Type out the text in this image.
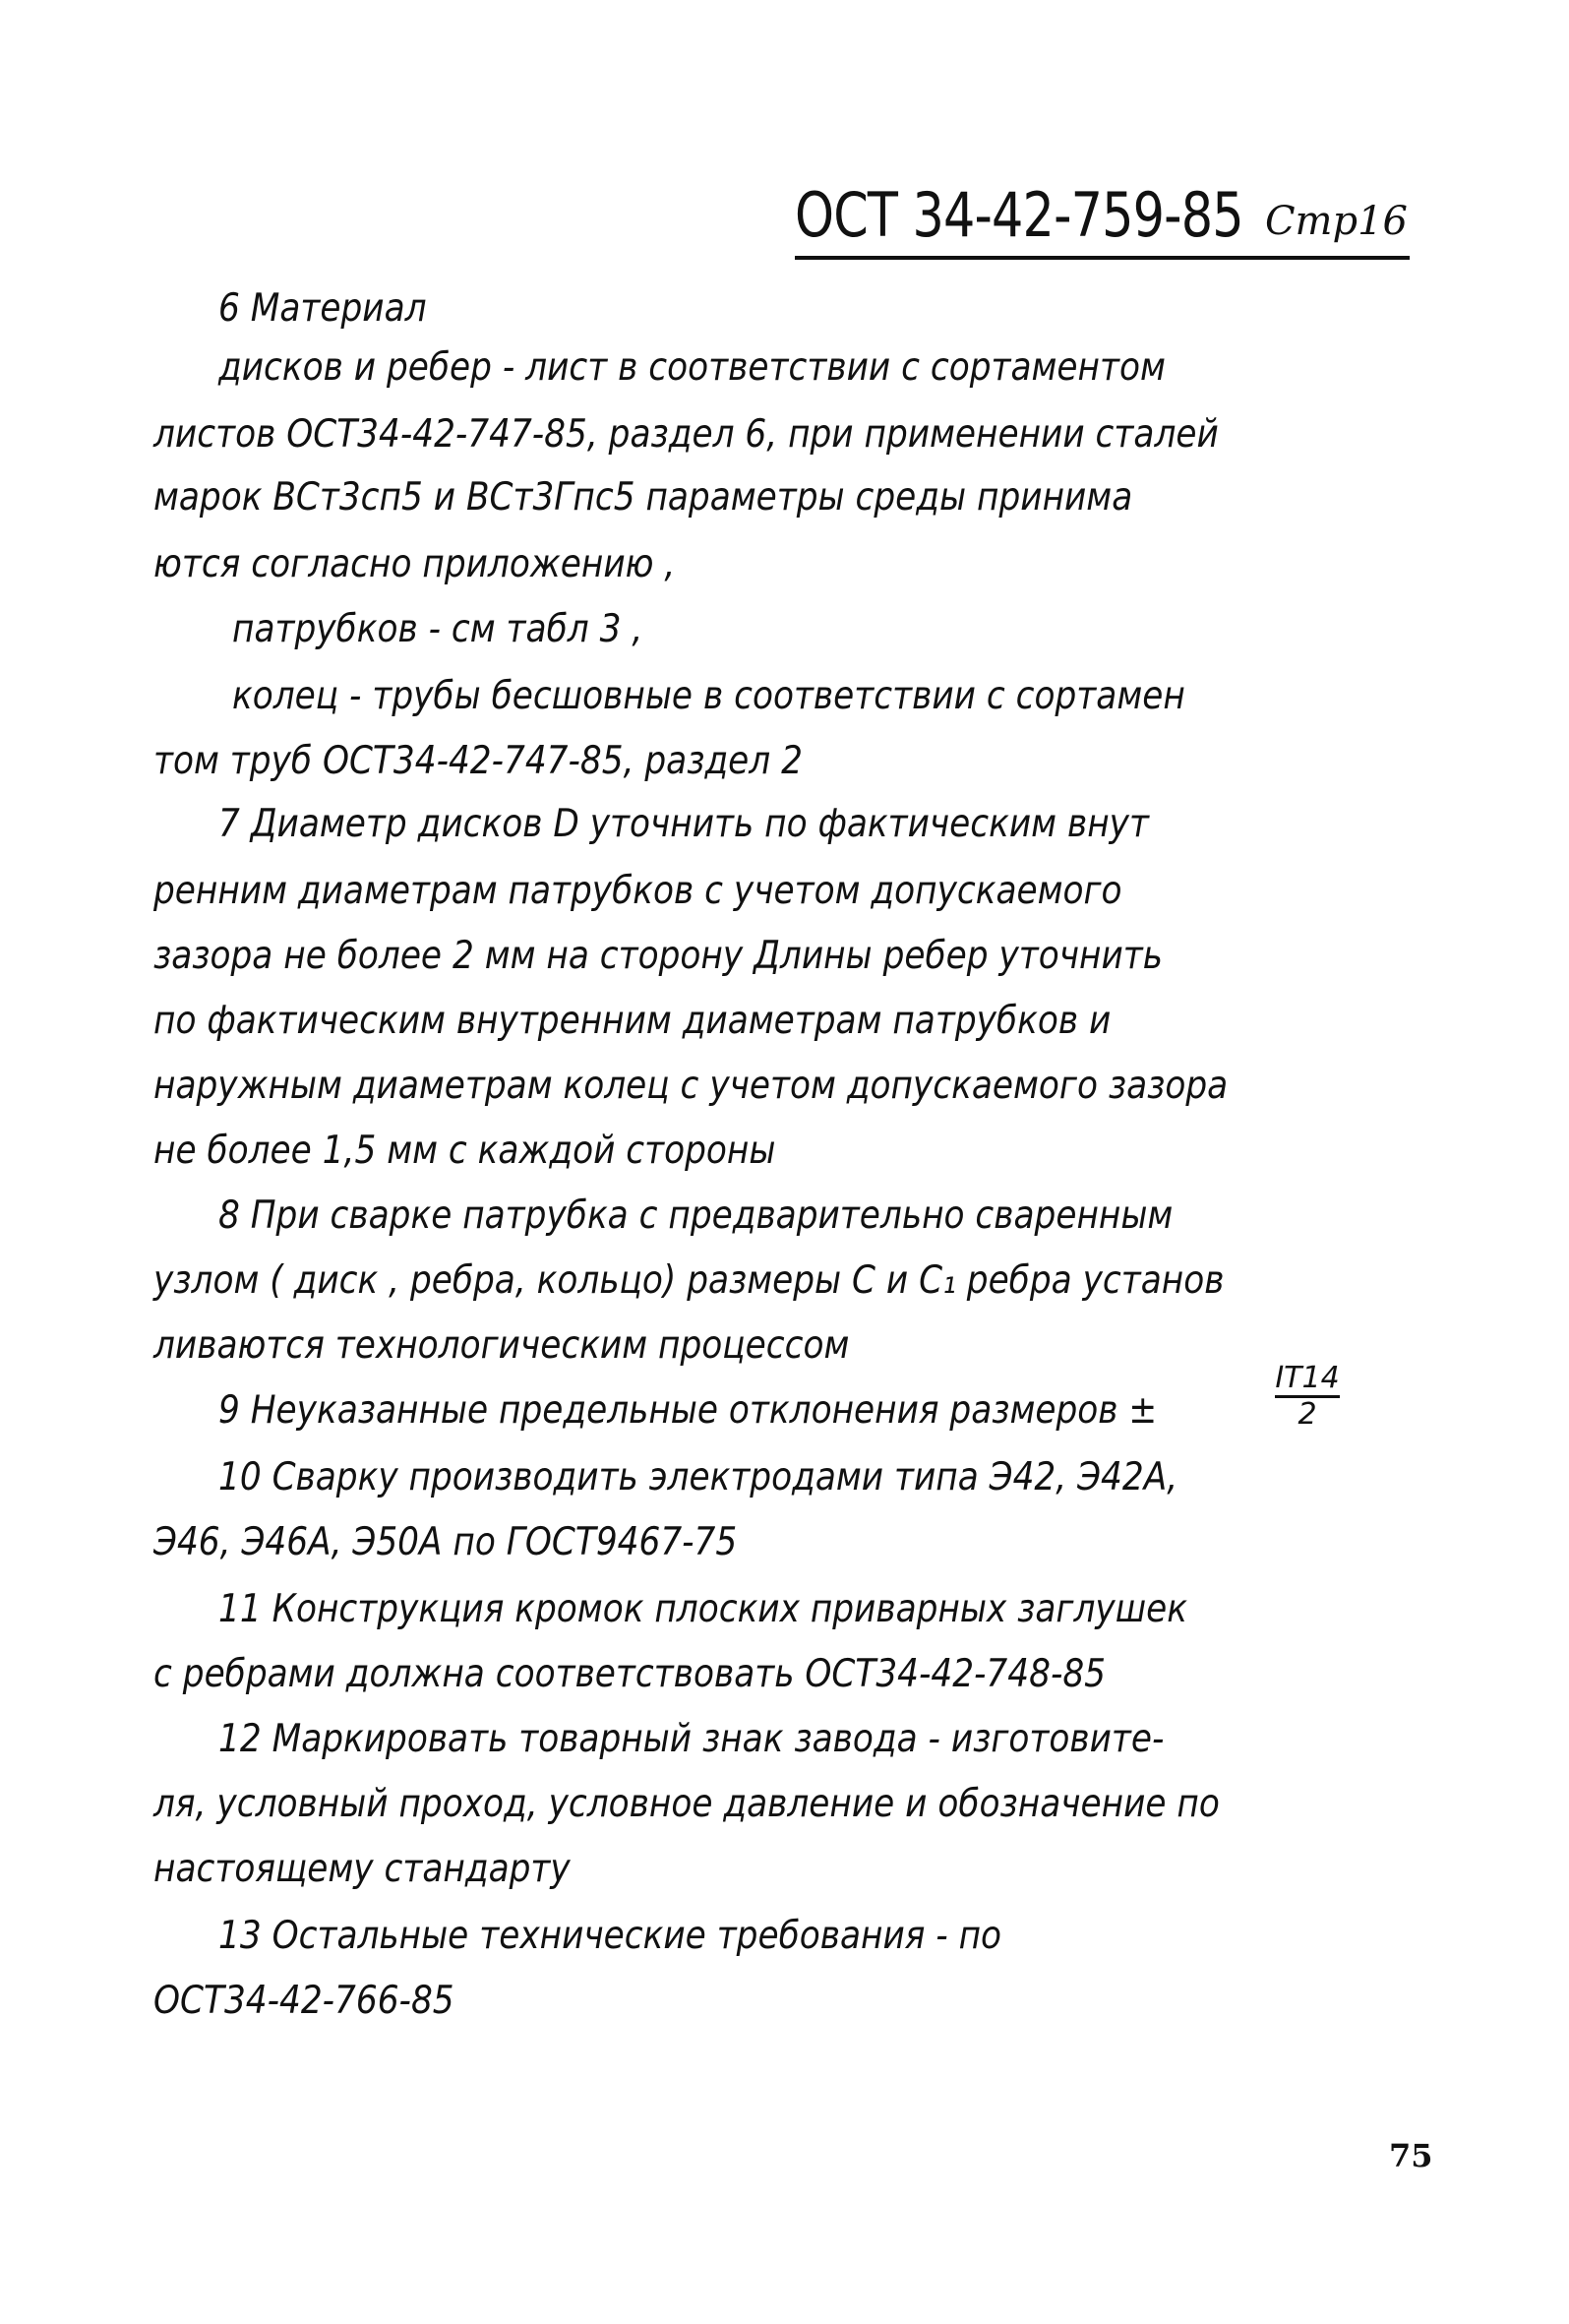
ОСТ 34-42-759-85 Стр16
6 Материал
дисков и ребер - лист в соответствии с сортаментом
листов ОСТ34-42-747-85, раздел 6, при применении сталей
марок ВСт3сп5 и ВСт3Гпс5 параметры среды принима
ются согласно приложению ,
патрубков - см табл 3 ,
колец - трубы бесшовные в соответствии с сортамен
том труб ОСТ34-42-747-85, раздел 2
7 Диаметр дисков D уточнить по фактическим внут
ренним диаметрам патрубков с учетом допускаемого
зазора не более 2 мм на сторону Длины ребер уточнить
по фактическим внутренним диаметрам патрубков и
наружным диаметрам колец с учетом допускаемого зазора
не более 1,5 мм с каждой стороны
8 При сварке патрубка с предварительно сваренным
узлом ( диск , ребра, кольцо) размеры С и С₁ ребра установ
ливаются технологическим процессом
9 Неуказанные предельные отклонения размеров ±	$\frac{IT14}{2}$
10 Сварку производить электродами типа Э42, Э42А,
Э46, Э46А, Э50А по ГОСТ9467-75
11 Конструкция кромок плоских приварных заглушек
с ребрами должна соответствовать ОСТ34-42-748-85
12 Маркировать товарный знак завода - изготовите-
ля, условный проход, условное давление и обозначение по
настоящему стандарту
13 Остальные технические требования - по
ОСТ34-42-766-85
75
